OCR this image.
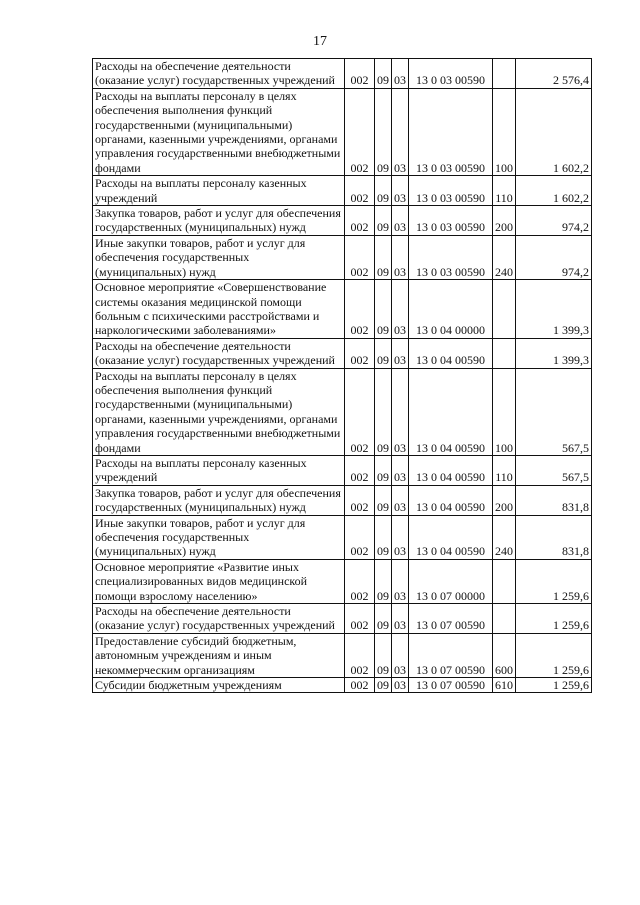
17
Расходы на обеспечение деятельности (оказание услуг) государственных учреждений	002	09	03	13 0 03 00590		2 576,4
Расходы на выплаты персоналу в целях обеспечения выполнения функций государственными (муниципальными) органами, казенными учреждениями, органами управления государственными внебюджетными фондами	002	09	03	13 0 03 00590	100	1 602,2
Расходы на выплаты персоналу казенных учреждений	002	09	03	13 0 03 00590	110	1 602,2
Закупка товаров, работ и услуг для обеспечения государственных (муниципальных) нужд	002	09	03	13 0 03 00590	200	974,2
Иные закупки товаров, работ и услуг для обеспечения государственных (муниципальных) нужд	002	09	03	13 0 03 00590	240	974,2
Основное мероприятие «Совершенствование системы оказания медицинской помощи больным с психическими расстройствами и наркологическими заболеваниями»	002	09	03	13 0 04 00000		1 399,3
Расходы на обеспечение деятельности (оказание услуг) государственных учреждений	002	09	03	13 0 04 00590		1 399,3
Расходы на выплаты персоналу в целях обеспечения выполнения функций государственными (муниципальными) органами, казенными учреждениями, органами управления государственными внебюджетными фондами	002	09	03	13 0 04 00590	100	567,5
Расходы на выплаты персоналу казенных учреждений	002	09	03	13 0 04 00590	110	567,5
Закупка товаров, работ и услуг для обеспечения государственных (муниципальных) нужд	002	09	03	13 0 04 00590	200	831,8
Иные закупки товаров, работ и услуг для обеспечения государственных (муниципальных) нужд	002	09	03	13 0 04 00590	240	831,8
Основное мероприятие «Развитие иных специализированных видов медицинской помощи взрослому населению»	002	09	03	13 0 07 00000		1 259,6
Расходы на обеспечение деятельности (оказание услуг) государственных учреждений	002	09	03	13 0 07 00590		1 259,6
Предоставление субсидий бюджетным, автономным учреждениям и иным некоммерческим организациям	002	09	03	13 0 07 00590	600	1 259,6
Субсидии бюджетным учреждениям	002	09	03	13 0 07 00590	610	1 259,6
